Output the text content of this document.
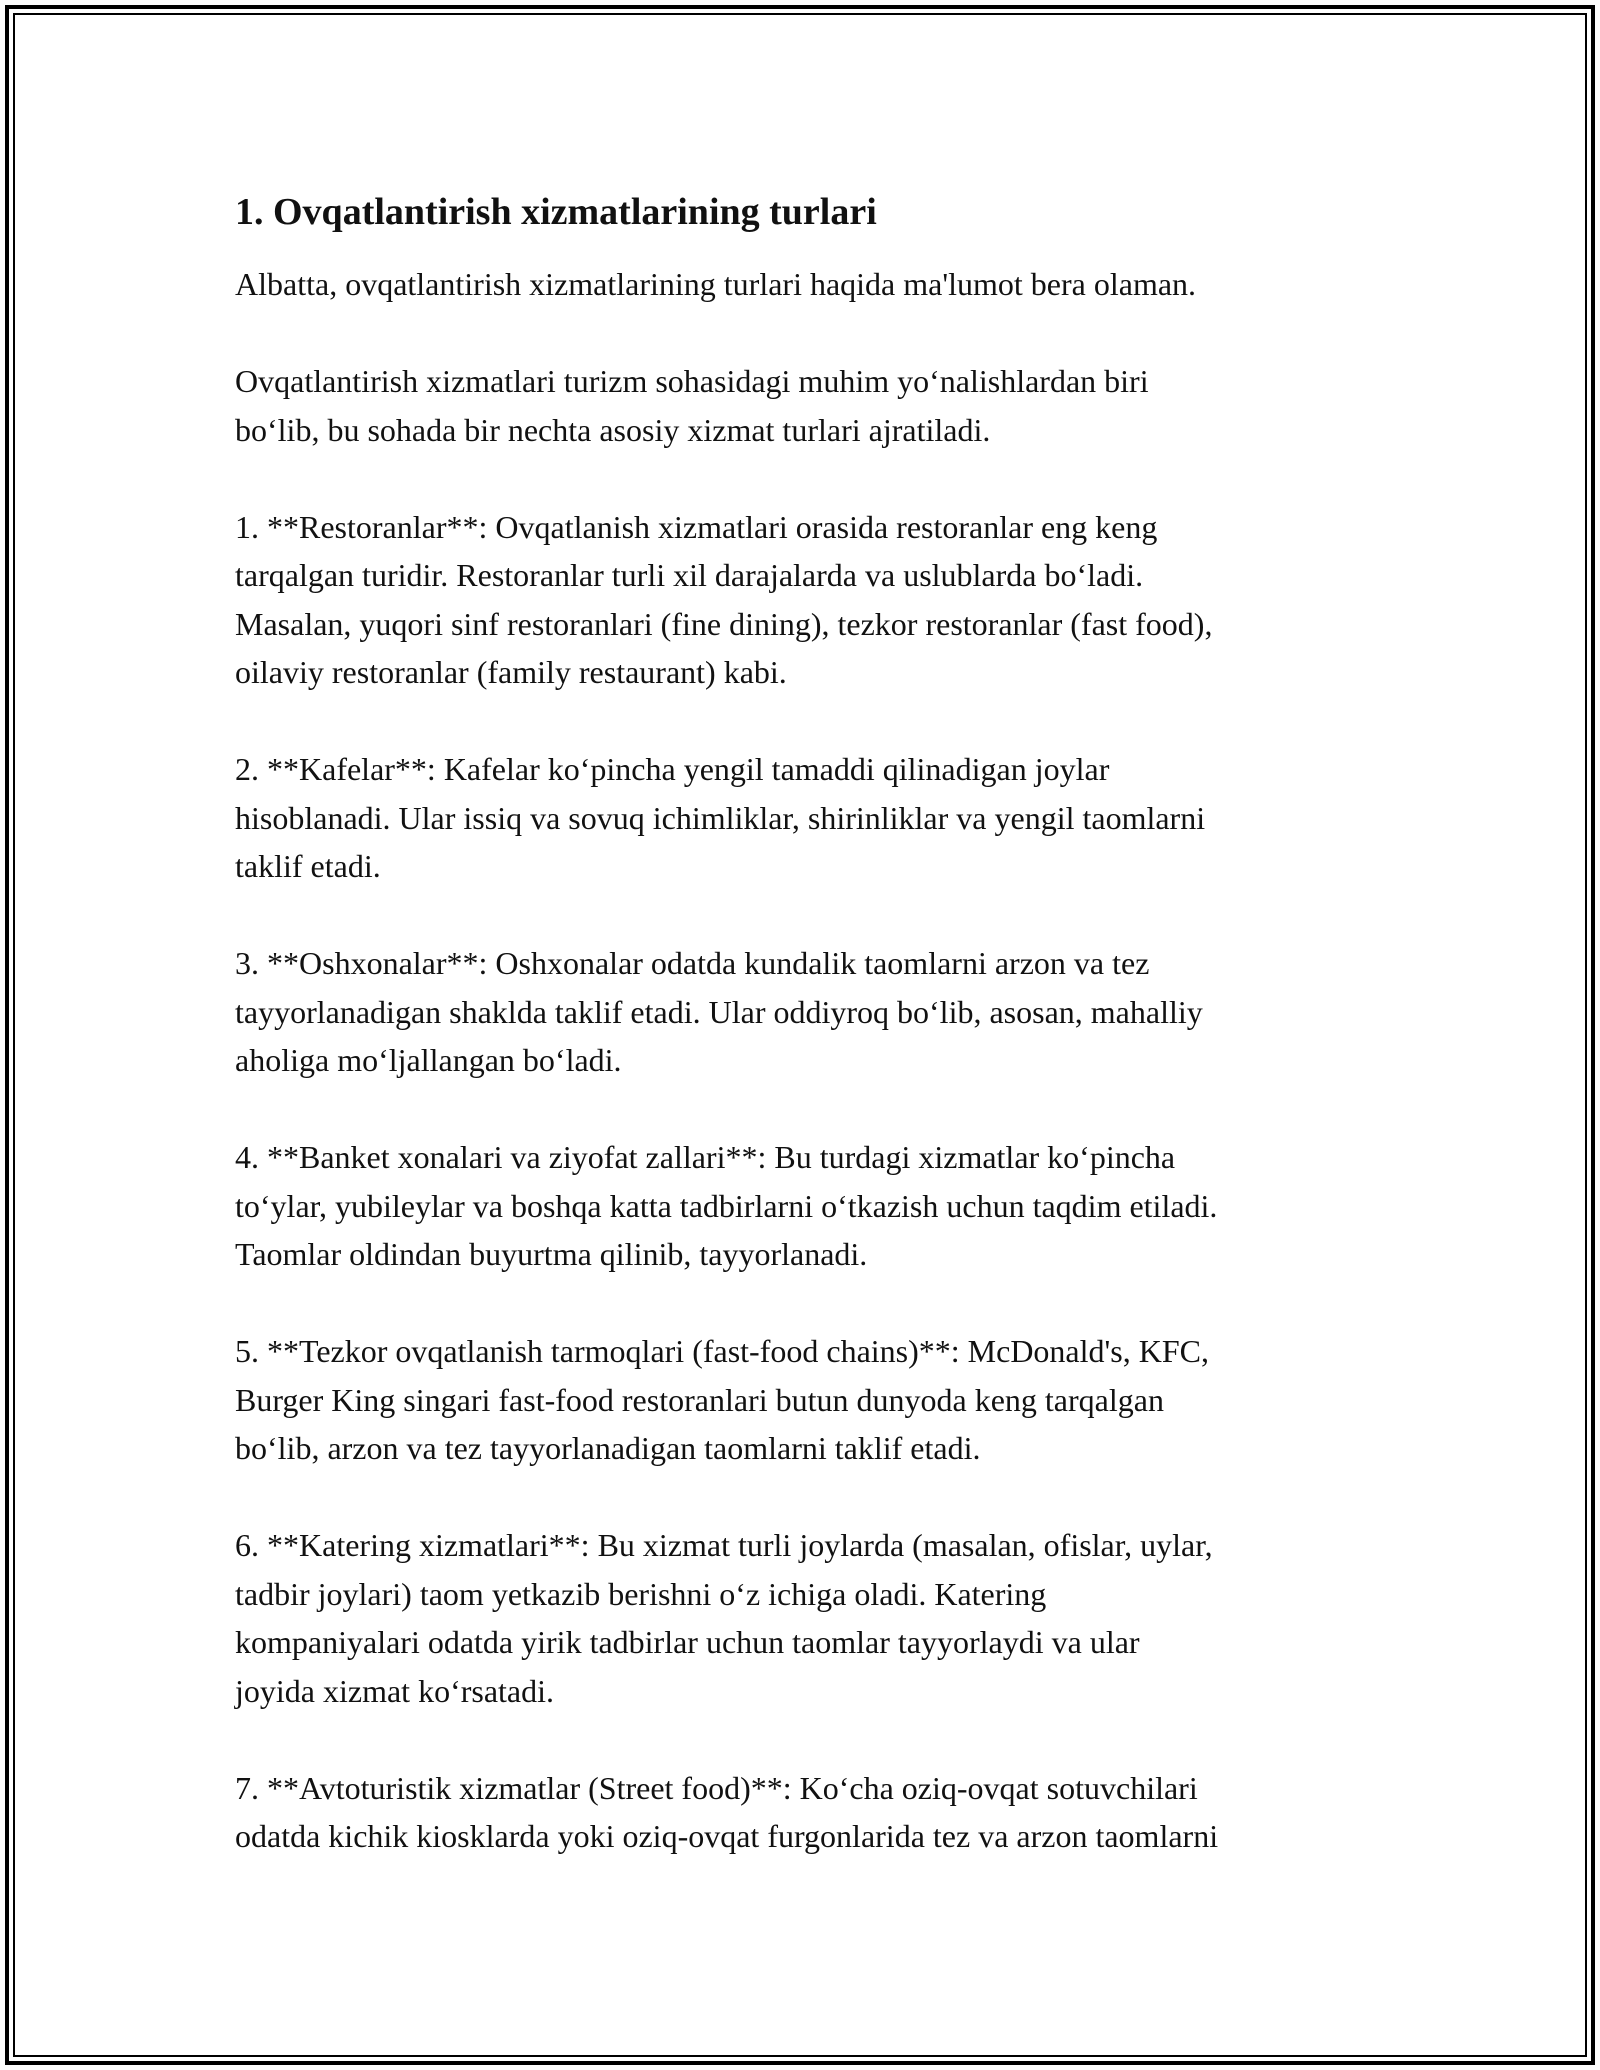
1. Ovqatlantirish xizmatlarining turlari

Albatta, ovqatlantirish xizmatlarining turlari haqida ma'lumot bera olaman.

Ovqatlantirish xizmatlari turizm sohasidagi muhim yo‘nalishlardan biri
bo‘lib, bu sohada bir nechta asosiy xizmat turlari ajratiladi.

1. **Restoranlar**: Ovqatlanish xizmatlari orasida restoranlar eng keng
tarqalgan turidir. Restoranlar turli xil darajalarda va uslublarda bo‘ladi.
Masalan, yuqori sinf restoranlari (fine dining), tezkor restoranlar (fast food),
oilaviy restoranlar (family restaurant) kabi.

2. **Kafelar**: Kafelar ko‘pincha yengil tamaddi qilinadigan joylar
hisoblanadi. Ular issiq va sovuq ichimliklar, shirinliklar va yengil taomlarni
taklif etadi.

3. **Oshxonalar**: Oshxonalar odatda kundalik taomlarni arzon va tez
tayyorlanadigan shaklda taklif etadi. Ular oddiyroq bo‘lib, asosan, mahalliy
aholiga mo‘ljallangan bo‘ladi.

4. **Banket xonalari va ziyofat zallari**: Bu turdagi xizmatlar ko‘pincha
to‘ylar, yubileylar va boshqa katta tadbirlarni o‘tkazish uchun taqdim etiladi.
Taomlar oldindan buyurtma qilinib, tayyorlanadi.

5. **Tezkor ovqatlanish tarmoqlari (fast-food chains)**: McDonald's, KFC,
Burger King singari fast-food restoranlari butun dunyoda keng tarqalgan
bo‘lib, arzon va tez tayyorlanadigan taomlarni taklif etadi.

6. **Katering xizmatlari**: Bu xizmat turli joylarda (masalan, ofislar, uylar,
tadbir joylari) taom yetkazib berishni o‘z ichiga oladi. Katering
kompaniyalari odatda yirik tadbirlar uchun taomlar tayyorlaydi va ular
joyida xizmat ko‘rsatadi.

7. **Avtoturistik xizmatlar (Street food)**: Ko‘cha oziq-ovqat sotuvchilari
odatda kichik kiosklarda yoki oziq-ovqat furgonlarida tez va arzon taomlarni
